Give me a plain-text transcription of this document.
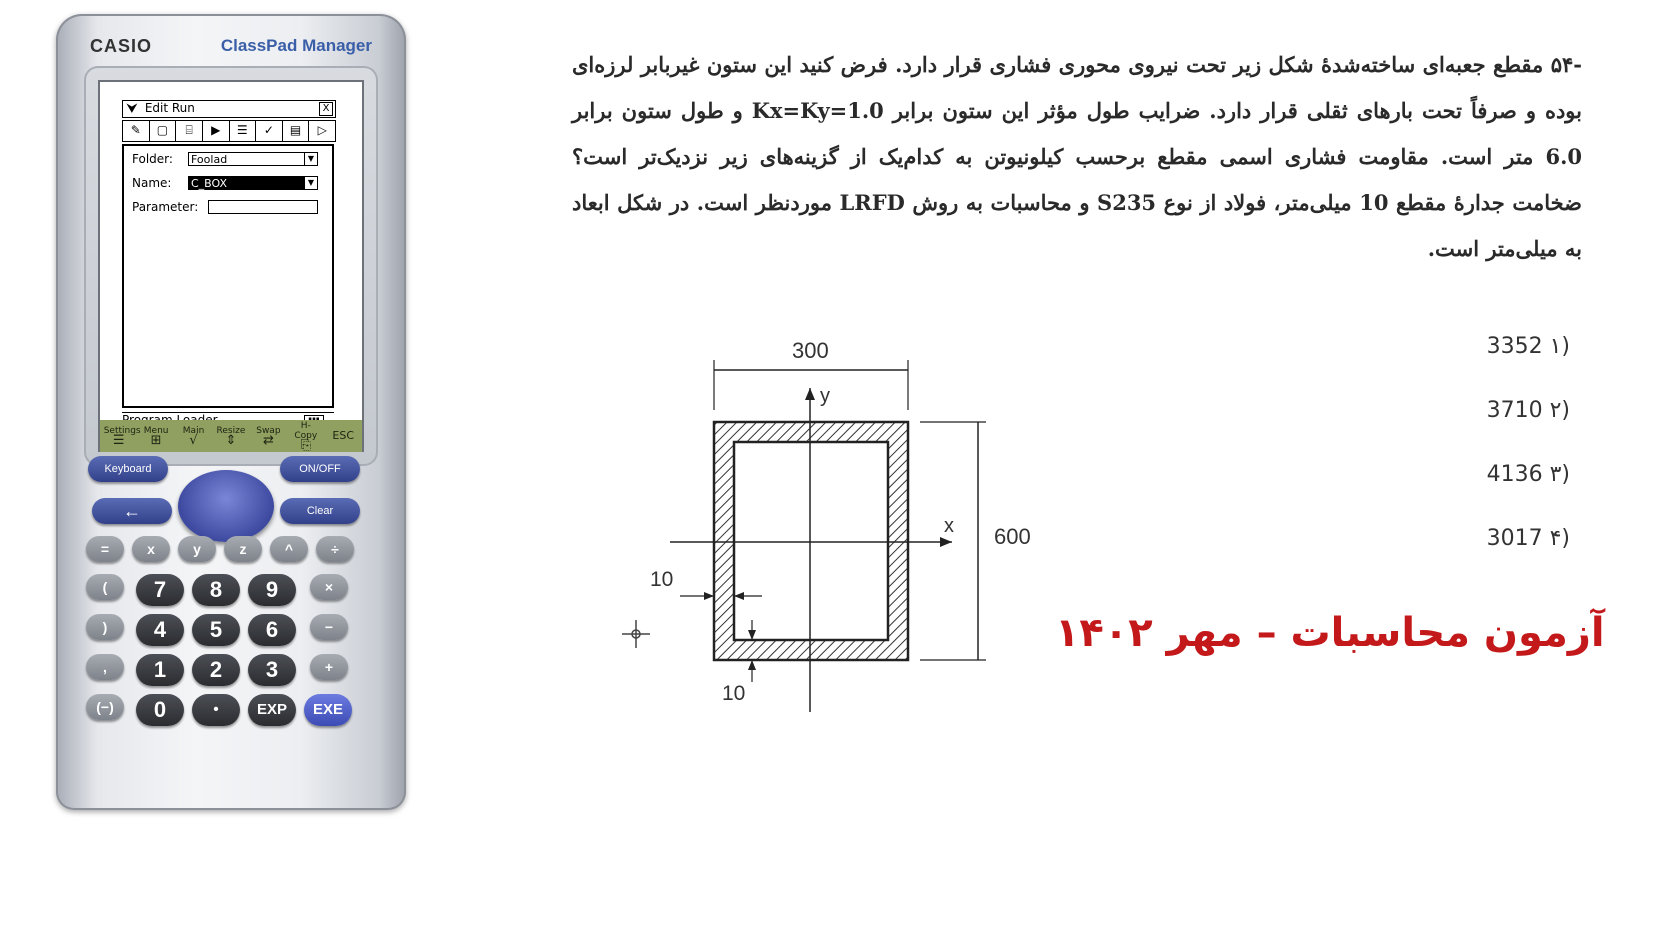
CASIO	ClassPad Manager
⮟ Edit Run	X
✎	▢	⌸	▶	☰	✓	▤	▷
Folder: Foolad	▼
Name: C_BOX	▼
Parameter:
Settings
☰
Menu
⊞
Main
√
Resize
⇕
Swap
⇄
H-Copy
⎘
ESC
Keyboard	ON/OFF
←	Clear
=	x	y	z	^	÷
(	7	8	9	×
)	4	5	6	−
,	1	2	3	+
(−)	0	•	EXP	EXE
-۵۴ مقطع جعبه‌ای ساخته‌شدهٔ شکل زیر تحت نیروی محوری فشاری قرار دارد. فرض کنید این ستون غیربابر لرزه‌ای بوده و صرفاً تحت بارهای ثقلی قرار دارد. ضرایب طول مؤثر این ستون برابر Kx=Ky=1.0 و طول ستون برابر 6.0 متر است. مقاومت فشاری اسمی مقطع برحسب کیلونیوتن به کدام‌یک از گزینه‌های زیر نزدیک‌تر است؟ ضخامت جدارهٔ مقطع 10 میلی‌متر، فولاد از نوع S235 و محاسبات به روش LRFD موردنظر است. در شکل ابعاد به میلی‌متر است.
(۱ 3352
(۲ 3710
(۳ 4136
(۴ 3017
300
600
y
x
10
10
آزمون محاسبات – مهر ۱۴۰۲
